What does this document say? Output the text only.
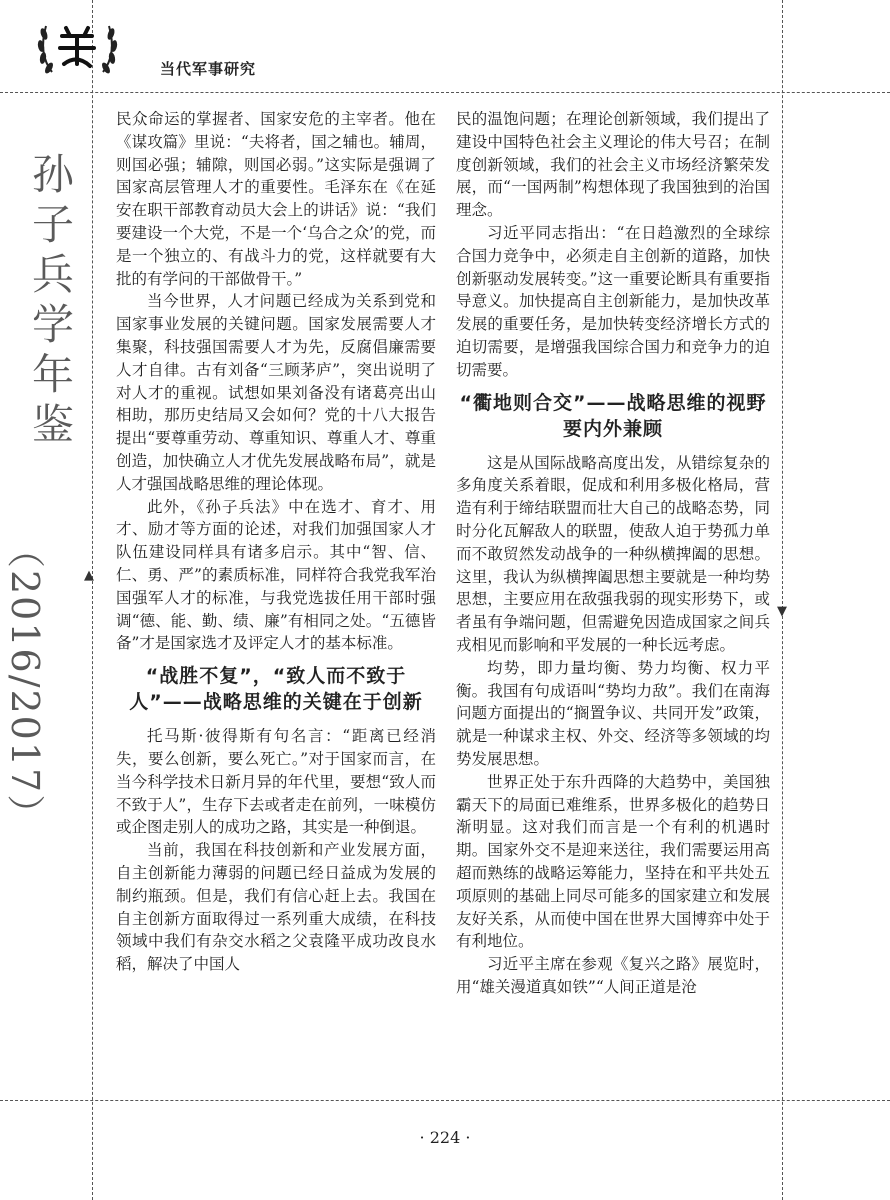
当代军事研究
孙子兵学年鉴
（2016/2017）	▲
▼

民众命运的掌握者、国家安危的主宰者。他在《谋攻篇》里说：“夫将者，国之辅也。辅周，则国必强；辅隙，则国必弱。”这实际是强调了国家高层管理人才的重要性。毛泽东在《在延安在职干部教育动员大会上的讲话》说：“我们要建设一个大党，不是一个‘乌合之众’的党，而是一个独立的、有战斗力的党，这样就要有大批的有学问的干部做骨干。”

当今世界，人才问题已经成为关系到党和国家事业发展的关键问题。国家发展需要人才集聚，科技强国需要人才为先，反腐倡廉需要人才自律。古有刘备“三顾茅庐”，突出说明了对人才的重视。试想如果刘备没有诸葛亮出山相助，那历史结局又会如何？党的十八大报告提出“要尊重劳动、尊重知识、尊重人才、尊重创造，加快确立人才优先发展战略布局”，就是人才强国战略思维的理论体现。

此外，《孙子兵法》中在选才、育才、用才、励才等方面的论述，对我们加强国家人才队伍建设同样具有诸多启示。其中“智、信、仁、勇、严”的素质标准，同样符合我党我军治国强军人才的标准，与我党选拔任用干部时强调“德、能、勤、绩、廉”有相同之处。“五德皆备”才是国家选才及评定人才的基本标准。

“战胜不复”，“致人而不致于人”——战略思维的关键在于创新

托马斯·彼得斯有句名言：“距离已经消失，要么创新，要么死亡。”对于国家而言，在当今科学技术日新月异的年代里，要想“致人而不致于人”，生存下去或者走在前列，一味模仿或企图走别人的成功之路，其实是一种倒退。

当前，我国在科技创新和产业发展方面，自主创新能力薄弱的问题已经日益成为发展的制约瓶颈。但是，我们有信心赶上去。我国在自主创新方面取得过一系列重大成绩，在科技领域中我们有杂交水稻之父袁隆平成功改良水稻，解决了中国人

民的温饱问题；在理论创新领域，我们提出了建设中国特色社会主义理论的伟大号召；在制度创新领域，我们的社会主义市场经济繁荣发展，而“一国两制”构想体现了我国独到的治国理念。

习近平同志指出：“在日趋激烈的全球综合国力竞争中，必须走自主创新的道路，加快创新驱动发展转变。”这一重要论断具有重要指导意义。加快提高自主创新能力，是加快改革发展的重要任务，是加快转变经济增长方式的迫切需要，是增强我国综合国力和竞争力的迫切需要。

“衢地则合交”——战略思维的视野要内外兼顾

这是从国际战略高度出发，从错综复杂的多角度关系着眼，促成和利用多极化格局，营造有利于缔结联盟而壮大自己的战略态势，同时分化瓦解敌人的联盟，使敌人迫于势孤力单而不敢贸然发动战争的一种纵横捭阖的思想。这里，我认为纵横捭阖思想主要就是一种均势思想，主要应用在敌强我弱的现实形势下，或者虽有争端问题，但需避免因造成国家之间兵戎相见而影响和平发展的一种长远考虑。

均势，即力量均衡、势力均衡、权力平衡。我国有句成语叫“势均力敌”。我们在南海问题方面提出的“搁置争议、共同开发”政策，就是一种谋求主权、外交、经济等多领域的均势发展思想。

世界正处于东升西降的大趋势中，美国独霸天下的局面已难维系，世界多极化的趋势日渐明显。这对我们而言是一个有利的机遇时期。国家外交不是迎来送往，我们需要运用高超而熟练的战略运筹能力，坚持在和平共处五项原则的基础上同尽可能多的国家建立和发展友好关系，从而使中国在世界大国博弈中处于有利地位。

习近平主席在参观《复兴之路》展览时，用“雄关漫道真如铁”“人间正道是沧

· 224 ·
